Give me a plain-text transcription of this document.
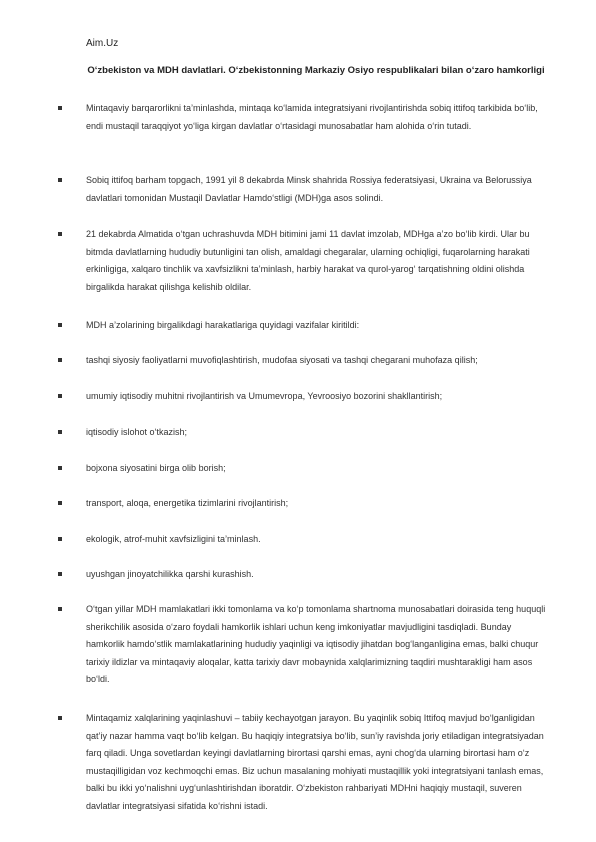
Aim.Uz
O‘zbekiston va MDH davlatlari. O‘zbekistonning Markaziy Osiyo respublikalari bilan o‘zaro hamkorligi
Mintaqaviy barqarorlikni ta’minlashda, mintaqa ko‘lamida integratsiyani rivojlantirishda sobiq ittifoq tarkibida bo‘lib, endi mustaqil taraqqiyot yo‘liga kirgan davlatlar o‘rtasidagi munosabatlar ham alohida o‘rin tutadi.
Sobiq ittifoq barham topgach, 1991 yil 8 dekabrda Minsk shahrida Rossiya federatsiyasi, Ukraina va Belorussiya davlatlari tomonidan Mustaqil Davlatlar Hamdo‘stligi (MDH)ga asos solindi.
21 dekabrda Almatida o‘tgan uchrashuvda MDH bitimini jami 11 davlat imzolab, MDHga a’zo bo‘lib kirdi. Ular bu bitmda davlatlarning hududiy butunligini tan olish, amaldagi chegaralar, ularning ochiqligi, fuqarolarning harakati erkinligiga, xalqaro tinchlik va xavfsizlikni ta’minlash, harbiy harakat va qurol-yarog‘ tarqatishning oldini olishda birgalikda harakat qilishga kelishib oldilar.
MDH a’zolarining birgalikdagi harakatlariga quyidagi vazifalar kiritildi:
tashqi siyosiy faoliyatlarni muvofiqlashtirish, mudofaa siyosati va tashqi chegarani muhofaza qilish;
umumiy iqtisodiy muhitni rivojlantirish va Umumevropa, Yevroosiyo bozorini shakllantirish;
iqtisodiy islohot o‘tkazish;
bojxona siyosatini birga olib borish;
transport, aloqa, energetika tizimlarini rivojlantirish;
ekologik, atrof-muhit xavfsizligini ta’minlash.
uyushgan jinoyatchilikka qarshi kurashish.
O‘tgan yillar MDH mamlakatlari ikki tomonlama va ko‘p tomonlama shartnoma munosabatlari doirasida teng huquqli sherikchilik asosida o‘zaro foydali hamkorlik ishlari uchun keng imkoniyatlar mavjudligini tasdiqladi. Bunday hamkorlik hamdo‘stlik mamlakatlarining hududiy yaqinligi va iqtisodiy jihatdan bog‘langanligina emas, balki chuqur tarixiy ildizlar va mintaqaviy aloqalar, katta tarixiy davr mobaynida xalqlarimizning taqdiri mushtarakligi ham asos bo‘ldi.
Mintaqamiz xalqlarining yaqinlashuvi – tabiiy kechayotgan jarayon. Bu yaqinlik sobiq Ittifoq mavjud bo‘lganligidan qat’iy nazar hamma vaqt bo‘lib kelgan. Bu haqiqiy integratsiya bo‘lib, sun’iy ravishda joriy etiladigan integratsiyadan farq qiladi. Unga sovetlardan keyingi davlatlarning birortasi qarshi emas, ayni chog‘da ularning birortasi ham o‘z mustaqilligidan voz kechmoqchi emas. Biz uchun masalaning mohiyati mustaqillik yoki integratsiyani tanlash emas, balki bu ikki yo‘nalishni uyg‘unlashtirishdan iboratdir. O‘zbekiston rahbariyati MDHni haqiqiy mustaqil, suveren davlatlar integratsiyasi sifatida ko‘rishni istadi.
